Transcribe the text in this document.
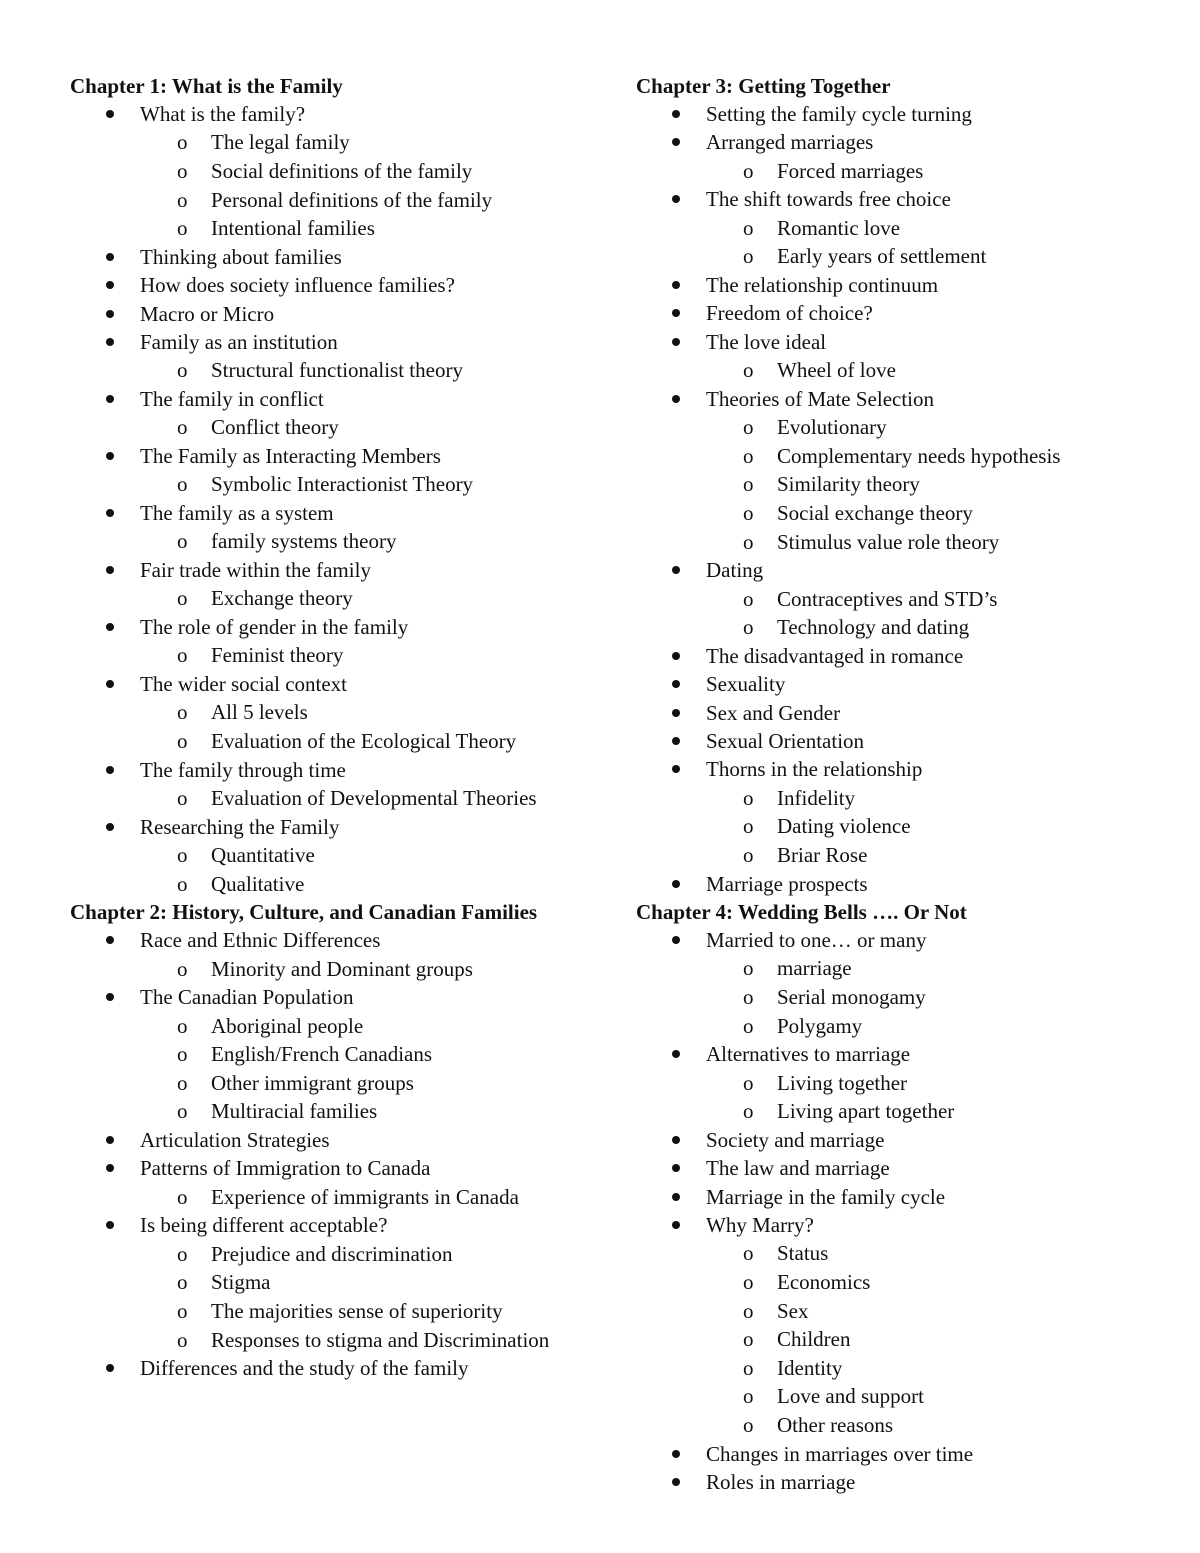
Chapter 1: What is the Family
What is the family?
o The legal family
o Social definitions of the family
o Personal definitions of the family
o Intentional families
Thinking about families
How does society influence families?
Macro or Micro
Family as an institution
o Structural functionalist theory
The family in conflict
o Conflict theory
The Family as Interacting Members
o Symbolic Interactionist Theory
The family as a system
o family systems theory
Fair trade within the family
o Exchange theory
The role of gender in the family
o Feminist theory
The wider social context
o All 5 levels
o Evaluation of the Ecological Theory
The family through time
o Evaluation of Developmental Theories
Researching the Family
o Quantitative
o Qualitative
Chapter 2: History, Culture, and Canadian Families
Race and Ethnic Differences
o Minority and Dominant groups
The Canadian Population
o Aboriginal people
o English/French Canadians
o Other immigrant groups
o Multiracial families
Articulation Strategies
Patterns of Immigration to Canada
o Experience of immigrants in Canada
Is being different acceptable?
o Prejudice and discrimination
o Stigma
o The majorities sense of superiority
o Responses to stigma and Discrimination
Differences and the study of the family
Chapter 3: Getting Together
Setting the family cycle turning
Arranged marriages
o Forced marriages
The shift towards free choice
o Romantic love
o Early years of settlement
The relationship continuum
Freedom of choice?
The love ideal
o Wheel of love
Theories of Mate Selection
o Evolutionary
o Complementary needs hypothesis
o Similarity theory
o Social exchange theory
o Stimulus value role theory
Dating
o Contraceptives and STD’s
o Technology and dating
The disadvantaged in romance
Sexuality
Sex and Gender
Sexual Orientation
Thorns in the relationship
o Infidelity
o Dating violence
o Briar Rose
Marriage prospects
Chapter 4: Wedding Bells …. Or Not
Married to one… or many
o marriage
o Serial monogamy
o Polygamy
Alternatives to marriage
o Living together
o Living apart together
Society and marriage
The law and marriage
Marriage in the family cycle
Why Marry?
o Status
o Economics
o Sex
o Children
o Identity
o Love and support
o Other reasons
Changes in marriages over time
Roles in marriage
